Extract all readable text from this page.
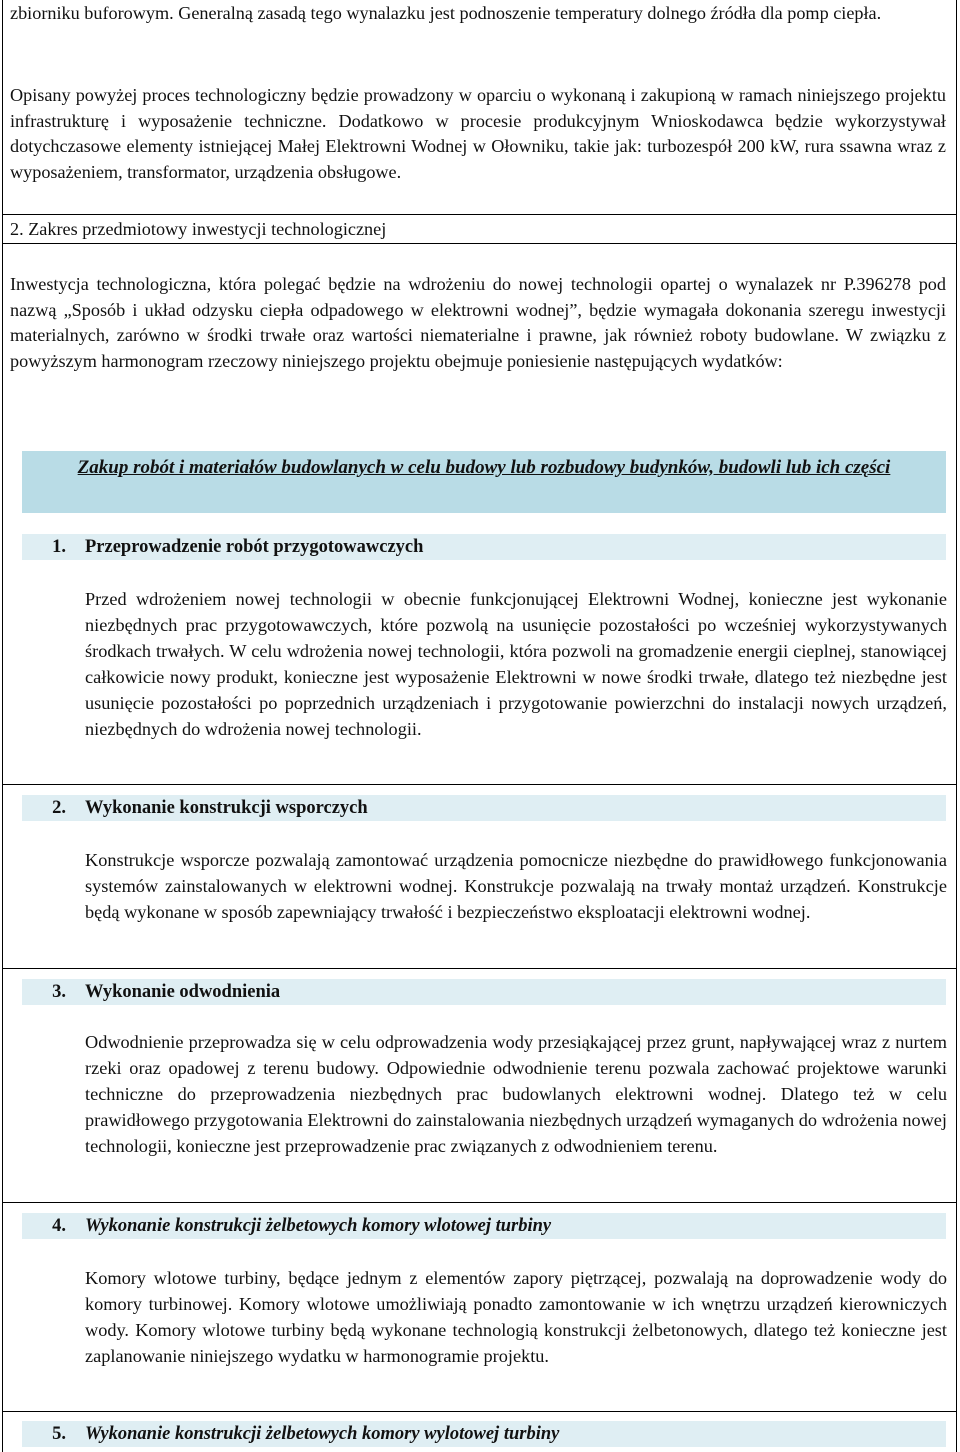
zbiorniku buforowym. Generalną zasadą tego wynalazku jest podnoszenie temperatury dolnego źródła dla pomp ciepła.
Opisany powyżej proces technologiczny będzie prowadzony w oparciu o wykonaną i zakupioną w ramach niniejszego projektu infrastrukturę i wyposażenie techniczne. Dodatkowo w procesie produkcyjnym Wnioskodawca będzie wykorzystywał dotychczasowe elementy istniejącej Małej Elektrowni Wodnej w Ołowniku, takie jak: turbozespół 200 kW, rura ssawna wraz z wyposażeniem, transformator, urządzenia obsługowe.
2. Zakres przedmiotowy inwestycji technologicznej
Inwestycja technologiczna, która polegać będzie na wdrożeniu do nowej technologii opartej o wynalazek nr P.396278 pod nazwą „Sposób i układ odzysku ciepła odpadowego w elektrowni wodnej”, będzie wymagała dokonania szeregu inwestycji materialnych, zarówno w środki trwałe oraz wartości niematerialne i prawne, jak również roboty budowlane. W związku z powyższym harmonogram rzeczowy niniejszego projektu obejmuje poniesienie następujących wydatków:
Zakup robót i materiałów budowlanych w celu budowy lub rozbudowy budynków, budowli lub ich części
1. Przeprowadzenie robót przygotowawczych
Przed wdrożeniem nowej technologii w obecnie funkcjonującej Elektrowni Wodnej, konieczne jest wykonanie niezbędnych prac przygotowawczych, które pozwolą na usunięcie pozostałości po wcześniej wykorzystywanych środkach trwałych. W celu wdrożenia nowej technologii, która pozwoli na gromadzenie energii cieplnej, stanowiącej całkowicie nowy produkt, konieczne jest wyposażenie Elektrowni w nowe środki trwałe, dlatego też niezbędne jest usunięcie pozostałości po poprzednich urządzeniach i przygotowanie powierzchni do instalacji nowych urządzeń, niezbędnych do wdrożenia nowej technologii.
2. Wykonanie konstrukcji wsporczych
Konstrukcje wsporcze pozwalają zamontować urządzenia pomocnicze niezbędne do prawidłowego funkcjonowania systemów zainstalowanych w elektrowni wodnej. Konstrukcje pozwalają na trwały montaż urządzeń. Konstrukcje będą wykonane w sposób zapewniający trwałość i bezpieczeństwo eksploatacji elektrowni wodnej.
3. Wykonanie odwodnienia
Odwodnienie przeprowadza się w celu odprowadzenia wody przesiąkającej przez grunt, napływającej wraz z nurtem rzeki oraz opadowej z terenu budowy. Odpowiednie odwodnienie terenu pozwala zachować projektowe warunki techniczne do przeprowadzenia niezbędnych prac budowlanych elektrowni wodnej. Dlatego też w celu prawidłowego przygotowania Elektrowni do zainstalowania niezbędnych urządzeń wymaganych do wdrożenia nowej technologii, konieczne jest przeprowadzenie prac związanych z odwodnieniem terenu.
4. Wykonanie konstrukcji żelbetowych komory wlotowej turbiny
Komory wlotowe turbiny, będące jednym z elementów zapory piętrzącej, pozwalają na doprowadzenie wody do komory turbinowej. Komory wlotowe umożliwiają ponadto zamontowanie w ich wnętrzu urządzeń kierowniczych wody. Komory wlotowe turbiny będą wykonane technologią konstrukcji żelbetonowych, dlatego też konieczne jest zaplanowanie niniejszego wydatku w harmonogramie projektu.
5. Wykonanie konstrukcji żelbetowych komory wylotowej turbiny
